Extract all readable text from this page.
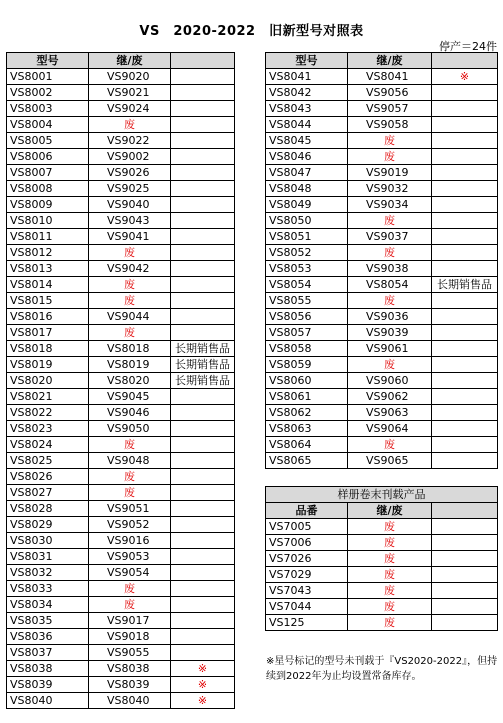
VS　2020-2022　旧新型号对照表
停产＝24件
型号	继/废	
VS8001	VS9020	
VS8002	VS9021	
VS8003	VS9024	
VS8004	废	
VS8005	VS9022	
VS8006	VS9002	
VS8007	VS9026	
VS8008	VS9025	
VS8009	VS9040	
VS8010	VS9043	
VS8011	VS9041	
VS8012	废	
VS8013	VS9042	
VS8014	废	
VS8015	废	
VS8016	VS9044	
VS8017	废	
VS8018	VS8018	长期销售品
VS8019	VS8019	长期销售品
VS8020	VS8020	长期销售品
VS8021	VS9045	
VS8022	VS9046	
VS8023	VS9050	
VS8024	废	
VS8025	VS9048	
VS8026	废	
VS8027	废	
VS8028	VS9051	
VS8029	VS9052	
VS8030	VS9016	
VS8031	VS9053	
VS8032	VS9054	
VS8033	废	
VS8034	废	
VS8035	VS9017	
VS8036	VS9018	
VS8037	VS9055	
VS8038	VS8038	※
VS8039	VS8039	※
VS8040	VS8040	※
型号	继/废	
VS8041	VS8041	※
VS8042	VS9056	
VS8043	VS9057	
VS8044	VS9058	
VS8045	废	
VS8046	废	
VS8047	VS9019	
VS8048	VS9032	
VS8049	VS9034	
VS8050	废	
VS8051	VS9037	
VS8052	废	
VS8053	VS9038	
VS8054	VS8054	长期销售品
VS8055	废	
VS8056	VS9036	
VS8057	VS9039	
VS8058	VS9061	
VS8059	废	
VS8060	VS9060	
VS8061	VS9062	
VS8062	VS9063	
VS8063	VS9064	
VS8064	废	
VS8065	VS9065	
样册卷末刊载产品		
品番	继/废	
VS7005	废	
VS7006	废	
VS7026	废	
VS7029	废	
VS7043	废	
VS7044	废	
VS125	废	
※星号标记的型号未刊载于『VS2020-2022』，但持续到2022年为止均设置常备库存。
